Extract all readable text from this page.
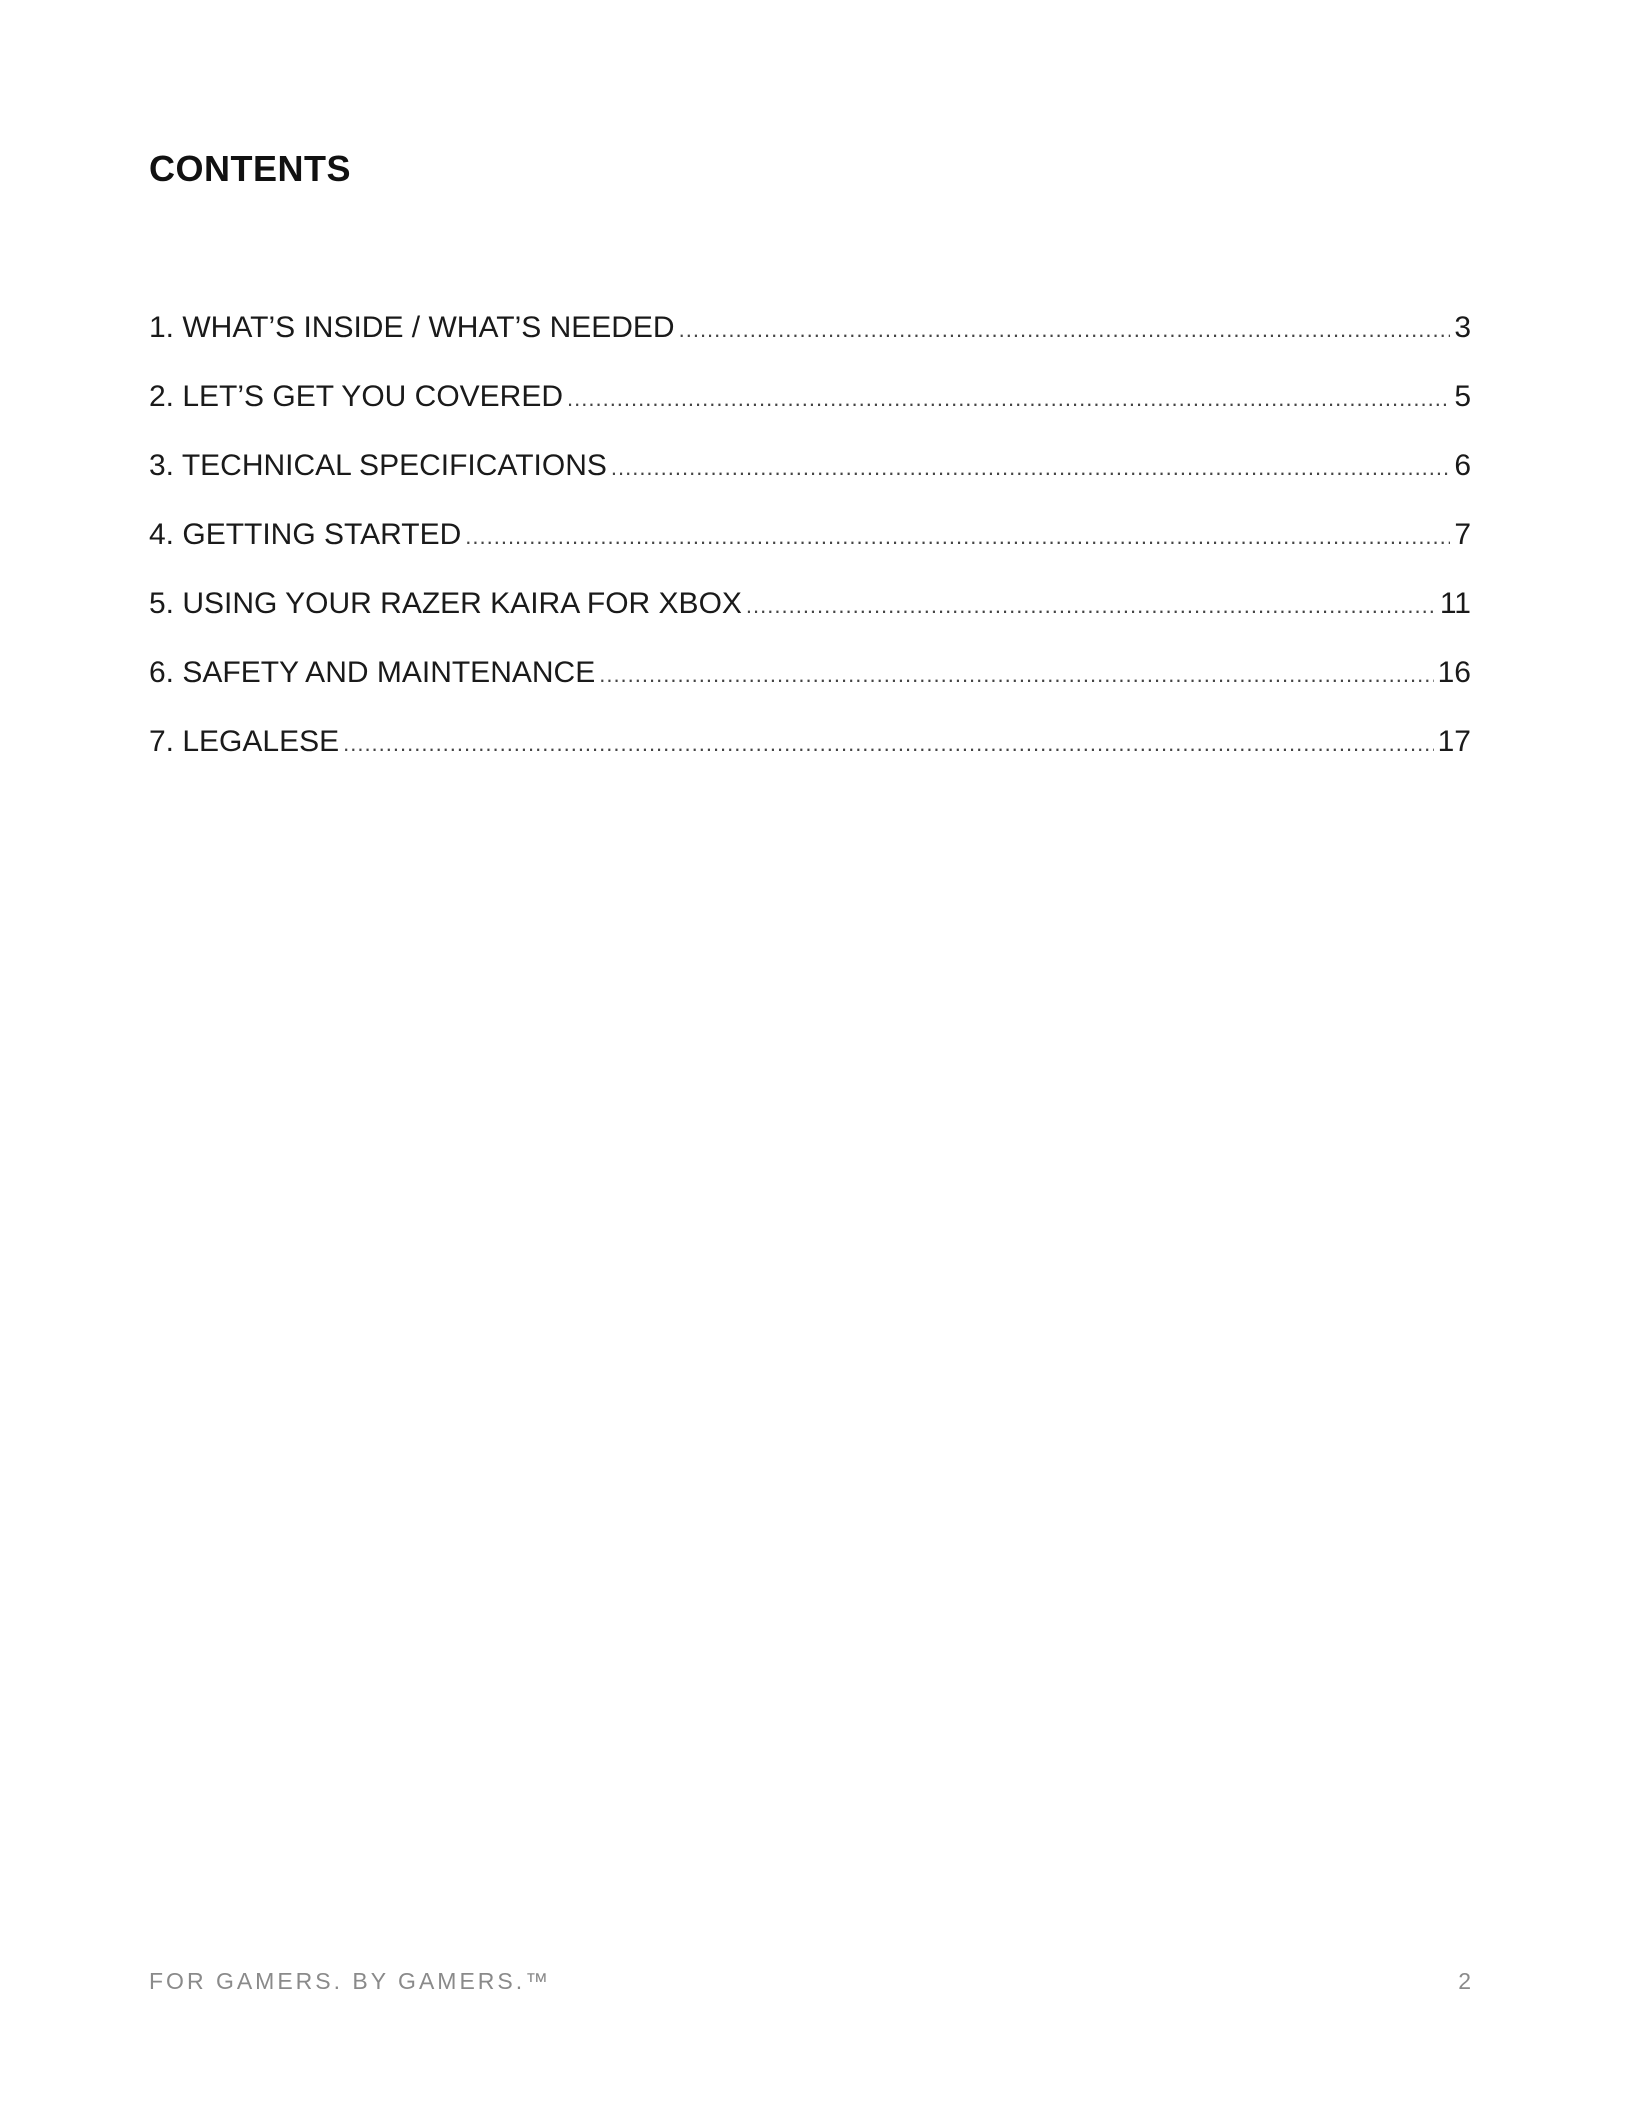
CONTENTS
1. WHAT’S INSIDE / WHAT’S NEEDED .....	3
2. LET’S GET YOU COVERED .....	5
3. TECHNICAL SPECIFICATIONS .....	6
4. GETTING STARTED .....	7
5. USING YOUR RAZER KAIRA FOR XBOX .....	11
6. SAFETY AND MAINTENANCE .....	16
7. LEGALESE .....	17
FOR GAMERS. BY GAMERS.™	2
